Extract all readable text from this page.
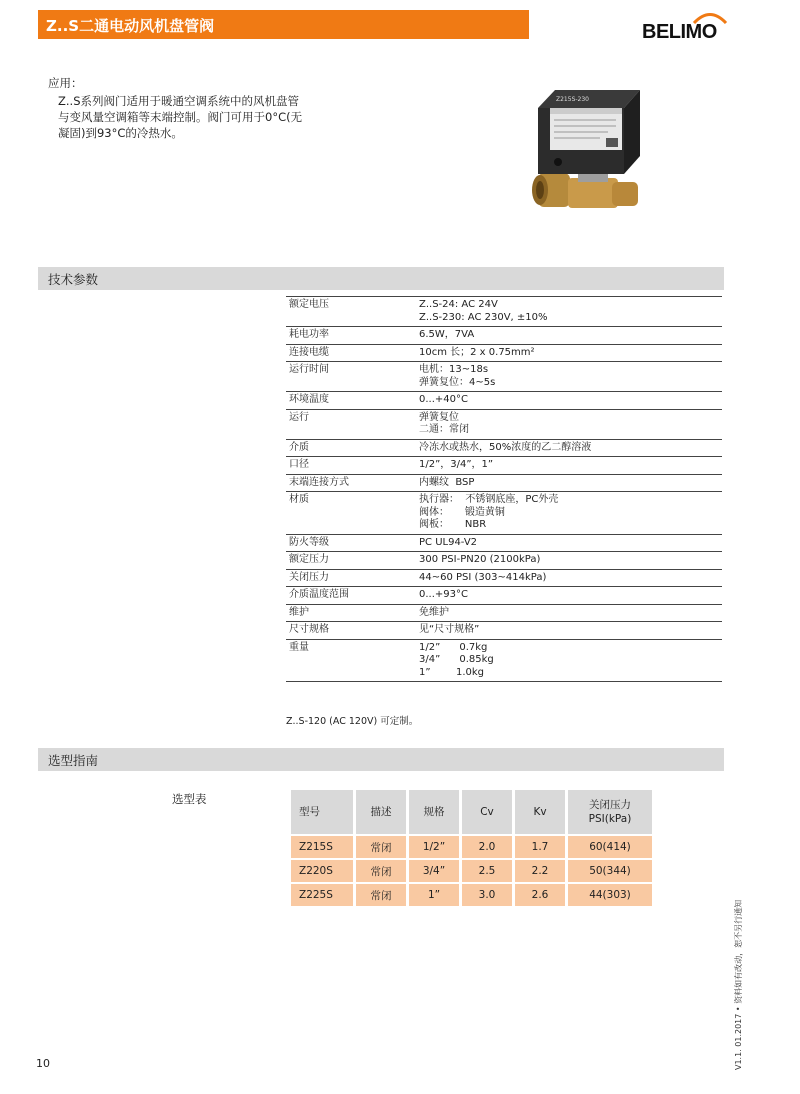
Z..S二通电动风机盘管阀	BELIMO
应用：
Z..S系列阀门适用于暖通空调系统中的风机盘管与变风量空调箱等末端控制。阀门可用于0°C(无凝固)到93°C的冷热水。
Z215S-230
技术参数
额定电压	Z..S-24: AC 24V
Z..S-230: AC 230V, ±10%

耗电功率	6.5W，7VA

连接电缆	10cm 长；2 x 0.75mm²

运行时间	电机：13~18s
弹簧复位：4~5s

环境温度	0...+40°C

运行	弹簧复位
二通：常闭

介质	冷冻水或热水，50%浓度的乙二醇溶液

口径	1/2”，3/4”，1”

末端连接方式	内螺纹  BSP

材质	执行器：  不锈钢底座，PC外壳
阀体：     锻造黄铜
阀板：     NBR

防火等级	PC UL94-V2

额定压力	300 PSI-PN20 (2100kPa)

关闭压力	44~60 PSI (303~414kPa)

介质温度范围	0...+93°C

维护	免维护

尺寸规格	见“尺寸规格”

重量	1/2”      0.7kg
3/4”      0.85kg
1”        1.0kg
Z..S-120 (AC 120V) 可定制。
选型指南
选型表
型号	描述	规格	Cv	Kv	关闭压力
PSI(kPa)
Z215S	常闭	1/2”	2.0	1.7	60(414)
Z220S	常闭	3/4”	2.5	2.2	50(344)
Z225S	常闭	1”	3.0	2.6	44(303)
10	V1.1. 01.2017 • 资料如有改动，恕不另行通知
